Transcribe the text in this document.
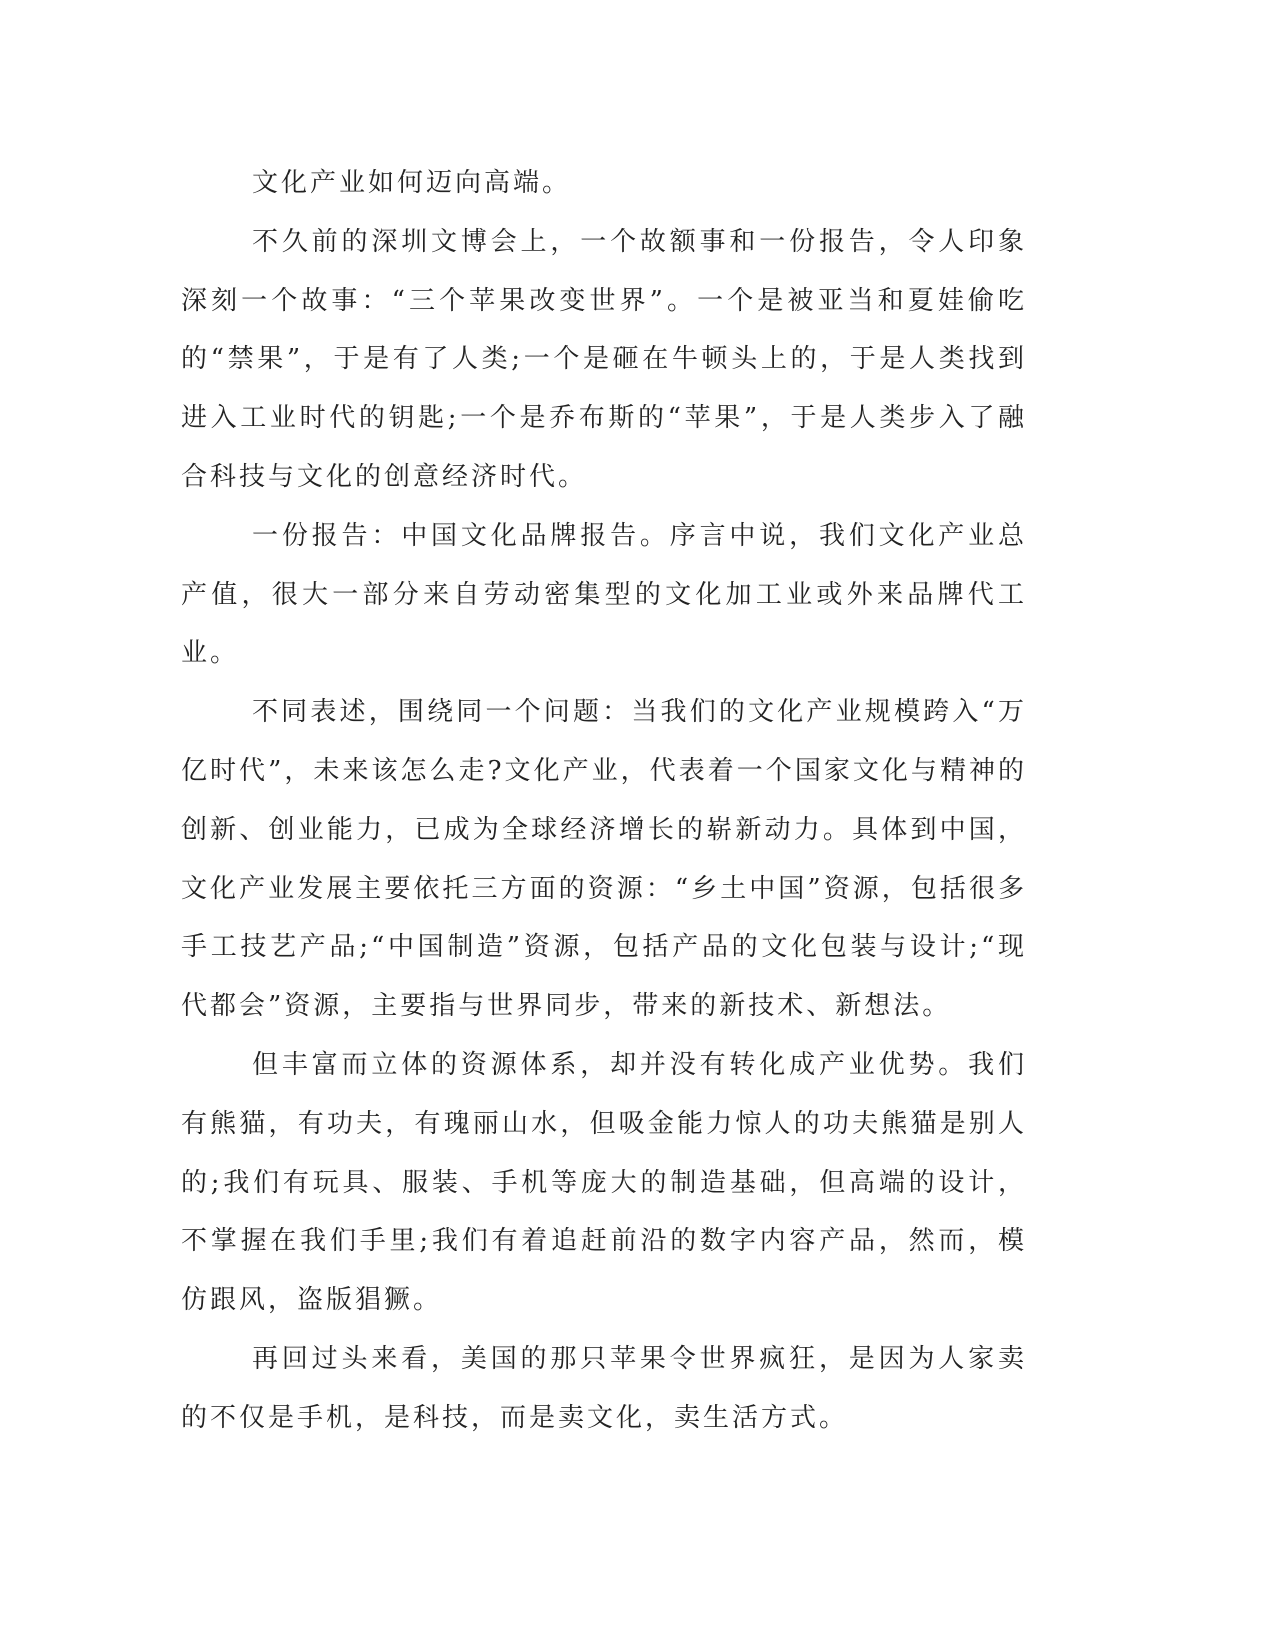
文化产业如何迈向高端。

不久前的深圳文博会上，一个故额事和一份报告，令人印象深刻一个故事：“三个苹果改变世界”。一个是被亚当和夏娃偷吃的“禁果”，于是有了人类;一个是砸在牛顿头上的，于是人类找到进入工业时代的钥匙;一个是乔布斯的“苹果”，于是人类步入了融合科技与文化的创意经济时代。

一份报告：中国文化品牌报告。序言中说，我们文化产业总产值，很大一部分来自劳动密集型的文化加工业或外来品牌代工业。

不同表述，围绕同一个问题：当我们的文化产业规模跨入“万亿时代”，未来该怎么走?文化产业，代表着一个国家文化与精神的创新、创业能力，已成为全球经济增长的崭新动力。具体到中国，文化产业发展主要依托三方面的资源：“乡土中国”资源，包括很多手工技艺产品;“中国制造”资源，包括产品的文化包装与设计;“现代都会”资源，主要指与世界同步，带来的新技术、新想法。

但丰富而立体的资源体系，却并没有转化成产业优势。我们有熊猫，有功夫，有瑰丽山水，但吸金能力惊人的功夫熊猫是别人的;我们有玩具、服装、手机等庞大的制造基础，但高端的设计，不掌握在我们手里;我们有着追赶前沿的数字内容产品，然而，模仿跟风，盗版猖獗。

再回过头来看，美国的那只苹果令世界疯狂，是因为人家卖的不仅是手机，是科技，而是卖文化，卖生活方式。
